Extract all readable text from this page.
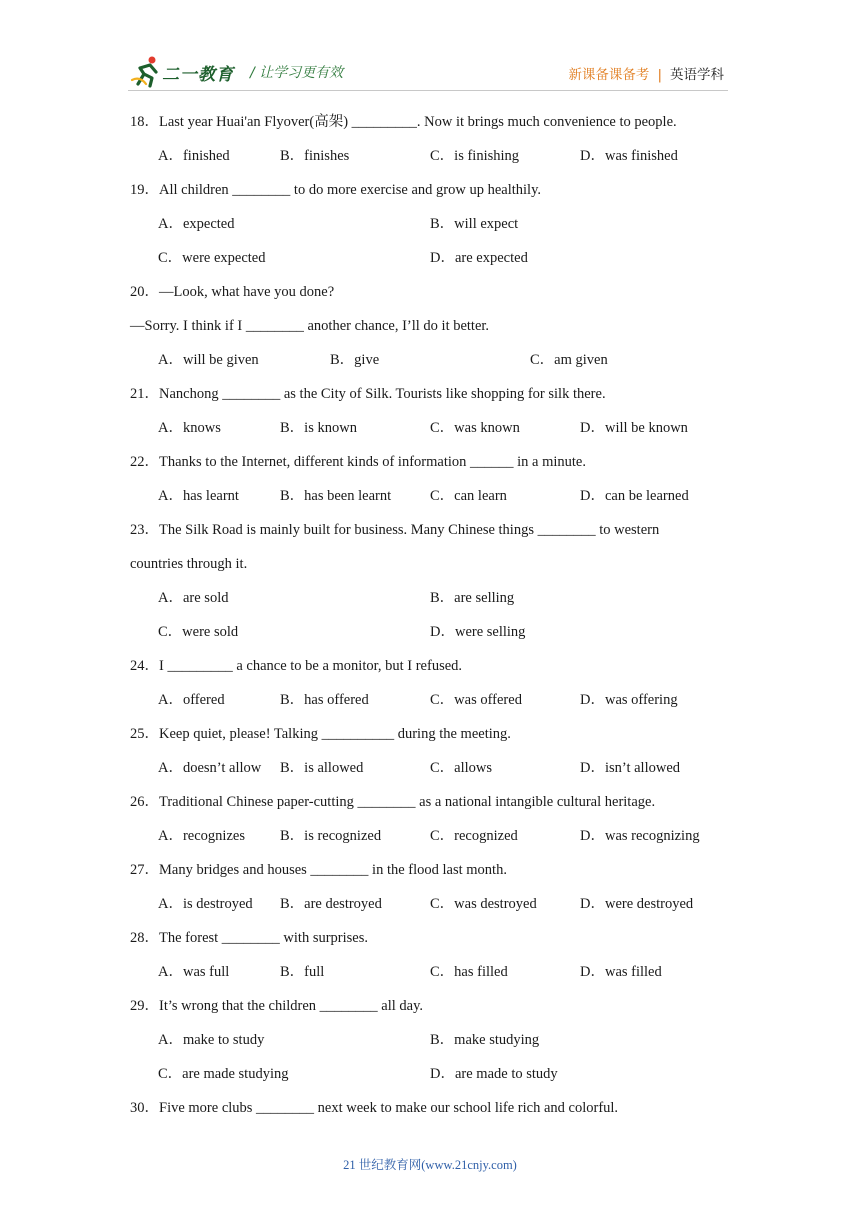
二一教育 / 让学习更有效	新课备课备考 | 英语学科
18．Last year Huai'an Flyover(高架) _________. Now it brings much convenience to people.
A．finished	B．finishes	C．is finishing	D．was finished
19．All children ________ to do more exercise and grow up healthily.
A．expected	B．will expect
C．were expected	D．are expected
20．—Look, what have you done?
—Sorry. I think if I ________ another chance, I’ll do it better.
A．will be given	B．give	C．am given
21．Nanchong ________ as the City of Silk. Tourists like shopping for silk there.
A．knows	B．is known	C．was known	D．will be known
22．Thanks to the Internet, different kinds of information ______ in a minute.
A．has learnt	B．has been learnt	C．can learn	D．can be learned
23．The Silk Road is mainly built for business. Many Chinese things ________ to western
countries through it.
A．are sold	B．are selling
C．were sold	D．were selling
24．I _________ a chance to be a monitor, but I refused.
A．offered	B．has offered	C．was offered	D．was offering
25．Keep quiet, please! Talking __________ during the meeting.
A．doesn’t allow B．is allowed	C．allows	D．isn’t allowed
26．Traditional Chinese paper-cutting ________ as a national intangible cultural heritage.
A．recognizes B．is recognized	C．recognized	D．was recognizing
27．Many bridges and houses ________ in the flood last month.
A．is destroyed B．are destroyed	C．was destroyed	D．were destroyed
28．The forest ________ with surprises.
A．was full	B．full	C．has filled	D．was filled
29．It’s wrong that the children ________ all day.
A．make to study	B．make studying
C．are made studying	D．are made to study
30．Five more clubs ________ next week to make our school life rich and colorful.
21 世纪教育网(www.21cnjy.com)
